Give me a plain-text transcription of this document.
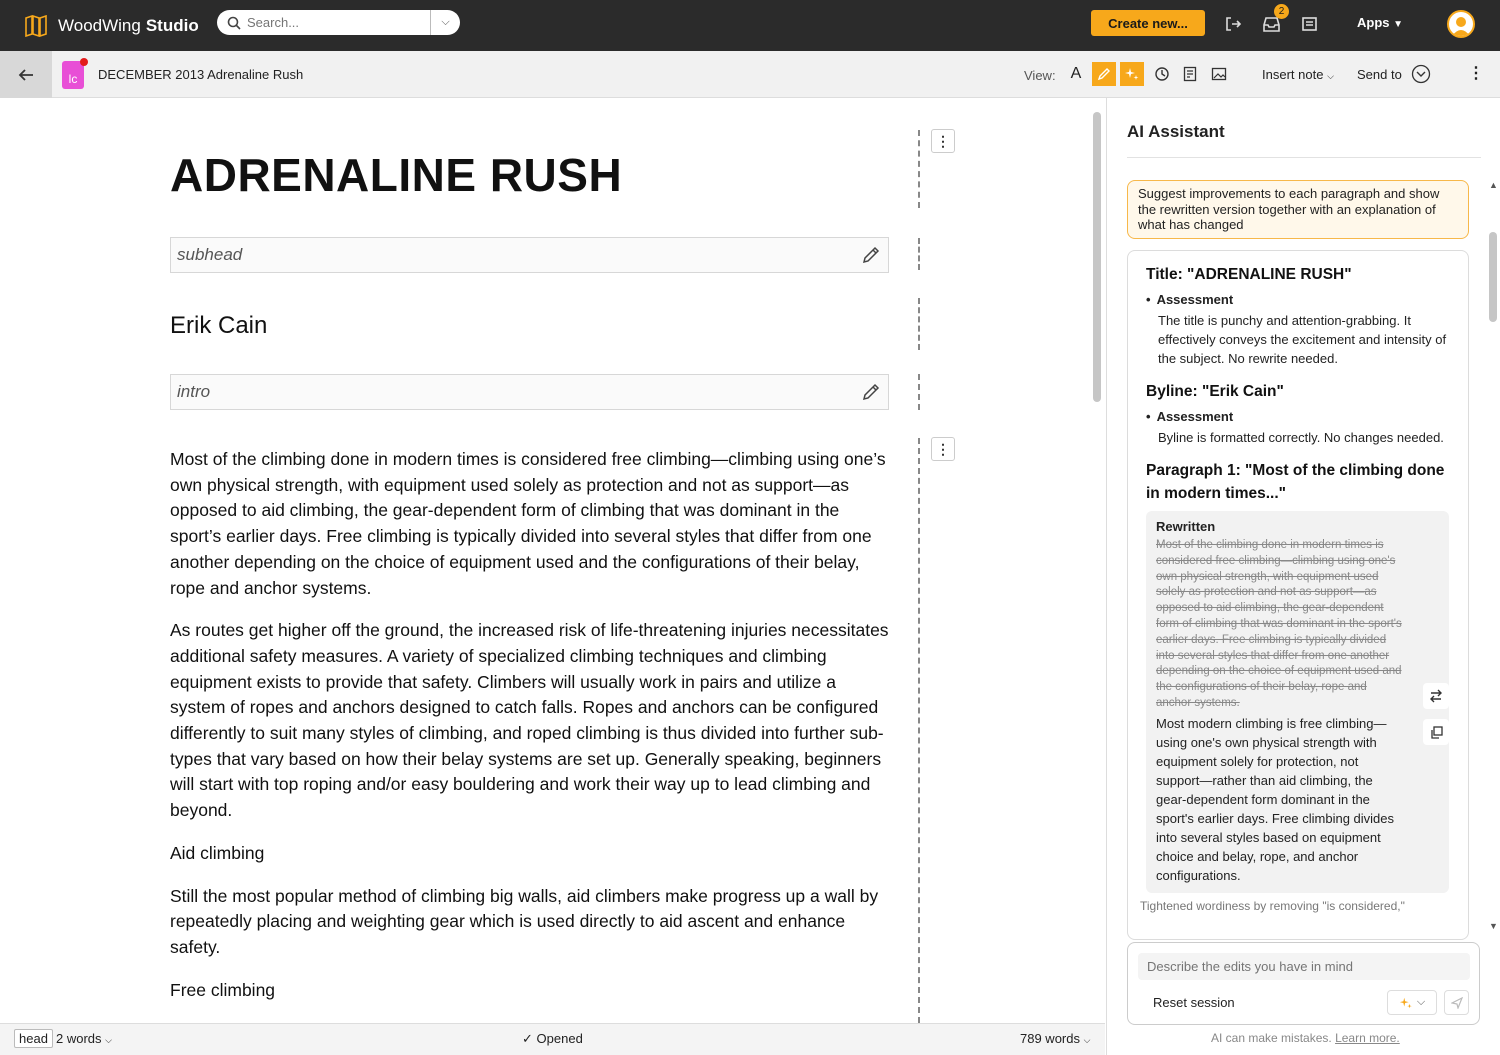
WoodWing Studio
Search...	⌵	Create new...
2
Apps ▼
lc DECEMBER 2013 Adrenaline Rush	View: A	Insert note ⌵ Send to	⋮
ADRENALINE RUSH
subhead
Erik Cain
intro

Most of the climbing done in modern times is considered free climbing—climbing using one’s own physical strength, with equipment used solely as protection and not as support—as opposed to aid climbing, the gear-dependent form of climbing that was dominant in the sport’s earlier days. Free climbing is typically divided into several styles that differ from one another depending on the choice of equipment used and the configurations of their belay, rope and anchor systems.

As routes get higher off the ground, the increased risk of life-threatening injuries necessitates additional safety measures. A variety of specialized climbing techniques and climbing equipment exists to provide that safety. Climbers will usually work in pairs and utilize a system of ropes and anchors designed to catch falls. Ropes and anchors can be configured differently to suit many styles of climbing, and roped climbing is thus divided into further sub-types that vary based on how their belay systems are set up. Generally speaking, beginners will start with top roping and/or easy bouldering and work their way up to lead climbing and beyond.

Aid climbing

Still the most popular method of climbing big walls, aid climbers make progress up a wall by repeatedly placing and weighting gear which is used directly to aid ascent and enhance safety.

Free climbing

⋮
⋮
head 2 words ⌵	✓ Opened	789 words ⌵
AI Assistant
Suggest improvements to each paragraph and show the rewritten version together with an explanation of what has changed
Title: "ADRENALINE RUSH"
• Assessment
The title is punchy and attention-grabbing. It effectively conveys the excitement and intensity of the subject. No rewrite needed.
Byline: "Erik Cain"
• Assessment
Byline is formatted correctly. No changes needed.
Paragraph 1: "Most of the climbing done in modern times..."
Rewritten
Most of the climbing done in modern times is considered free climbing—climbing using one's own physical strength, with equipment used solely as protection and not as support—as opposed to aid climbing, the gear-dependent form of climbing that was dominant in the sport's earlier days. Free climbing is typically divided into several styles that differ from one another depending on the choice of equipment used and the configurations of their belay, rope and anchor systems.
Most modern climbing is free climbing—using one's own physical strength with equipment solely for protection, not support—rather than aid climbing, the gear-dependent form dominant in the sport's earlier days. Free climbing divides into several styles based on equipment choice and belay, rope, and anchor configurations.
Tightened wordiness by removing "is considered,"
▲
▼
Describe the edits you have in mind
Reset session	⌵
AI can make mistakes. Learn more.
